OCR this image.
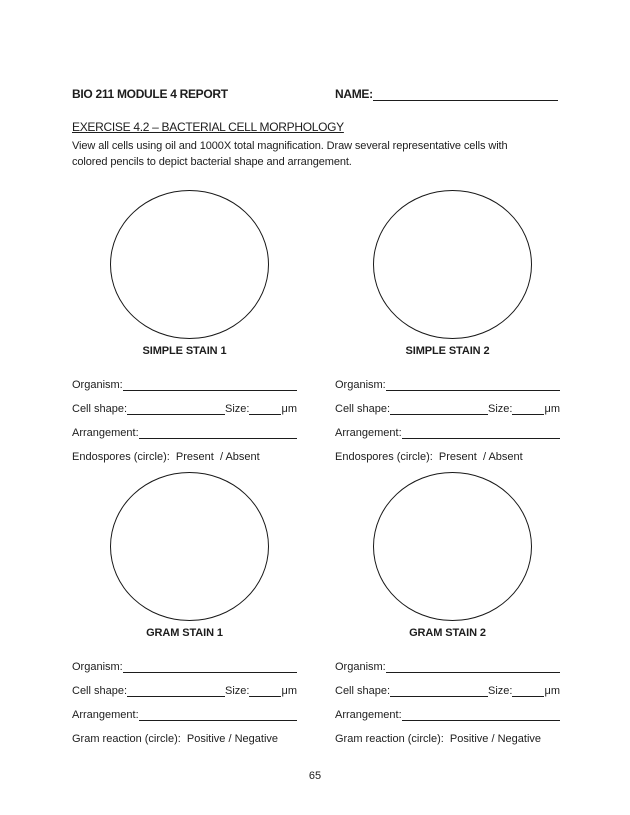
BIO 211 MODULE 4 REPORT	NAME:
EXERCISE 4.2 – BACTERIAL CELL MORPHOLOGY
View all cells using oil and 1000X total magnification. Draw several representative cells with
colored pencils to depict bacterial shape and arrangement.
SIMPLE STAIN 1
Organism:
Cell shape:	Size:	μm
Arrangement:
Endospores (circle):  Present  / Absent
SIMPLE STAIN 2
Organism:
Cell shape:	Size:	μm
Arrangement:
Endospores (circle):  Present  / Absent
GRAM STAIN 1
Organism:
Cell shape:	Size:	μm
Arrangement:
Gram reaction (circle):  Positive / Negative
GRAM STAIN 2
Organism:
Cell shape:	Size:	μm
Arrangement:
Gram reaction (circle):  Positive / Negative
65
